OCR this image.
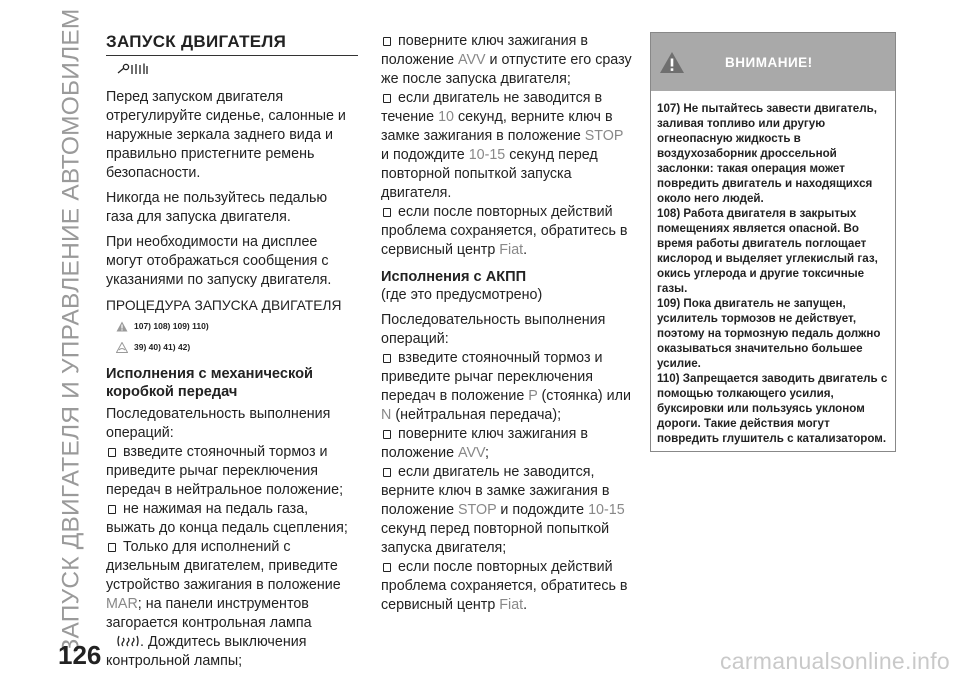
ЗАПУСК ДВИГАТЕЛЯ И УПРАВЛЕНИЕ АВТОМОБИЛЕМ
126	carmanualsonline.info
ЗАПУСК ДВИГАТЕЛЯ

Перед запуском двигателя отрегулируйте сиденье, салонные и наружные зеркала заднего вида и правильно пристегните ремень безопасности.

Никогда не пользуйтесь педалью газа для запуска двигателя.

При необходимости на дисплее могут отображаться сообщения с указаниями по запуску двигателя.

ПРОЦЕДУРА ЗАПУСКА ДВИГАТЕЛЯ
107) 108) 109) 110)
39) 40) 41) 42)
Исполнения с механической коробкой передач

Последовательность выполнения операций:

взведите стояночный тормоз и приведите рычаг переключения передач в нейтральное положение;

не нажимая на педаль газа, выжать до конца педаль сцепления;

Только для исполнений с дизельным двигателем, приведите устройство зажигания в положение MAR; на панели инструментов загорается контрольная лампа

. Дождитесь выключения контрольной лампы;

поверните ключ зажигания в положение AVV и отпустите его сразу же после запуска двигателя;

если двигатель не заводится в течение 10 секунд, верните ключ в замке зажигания в положение STOP и подождите 10-15 секунд перед повторной попыткой запуска двигателя.

если после повторных действий проблема сохраняется, обратитесь в сервисный центр Fiat.

Исполнения с АКПП

(где это предусмотрено)

Последовательность выполнения операций:

взведите стояночный тормоз и приведите рычаг переключения передач в положение P (стоянка) или N (нейтральная передача);

поверните ключ зажигания в положение AVV;

если двигатель не заводится, верните ключ в замке зажигания в положение STOP и подождите 10-15 секунд перед повторной попыткой запуска двигателя;

если после повторных действий проблема сохраняется, обратитесь в сервисный центр Fiat.

ВНИМАНИЕ!

107) Не пытайтесь завести двигатель, заливая топливо или другую огнеопасную жидкость в воздухозаборник дроссельной заслонки: такая операция может повредить двигатель и находящихся около него людей.

108) Работа двигателя в закрытых помещениях является опасной. Во время работы двигатель поглощает кислород и выделяет углекислый газ, окись углерода и другие токсичные газы.

109) Пока двигатель не запущен, усилитель тормозов не действует, поэтому на тормозную педаль должно оказываться значительно большее усилие.

110) Запрещается заводить двигатель с помощью толкающего усилия, буксировки или пользуясь уклоном дороги. Такие действия могут повредить глушитель с катализатором.
